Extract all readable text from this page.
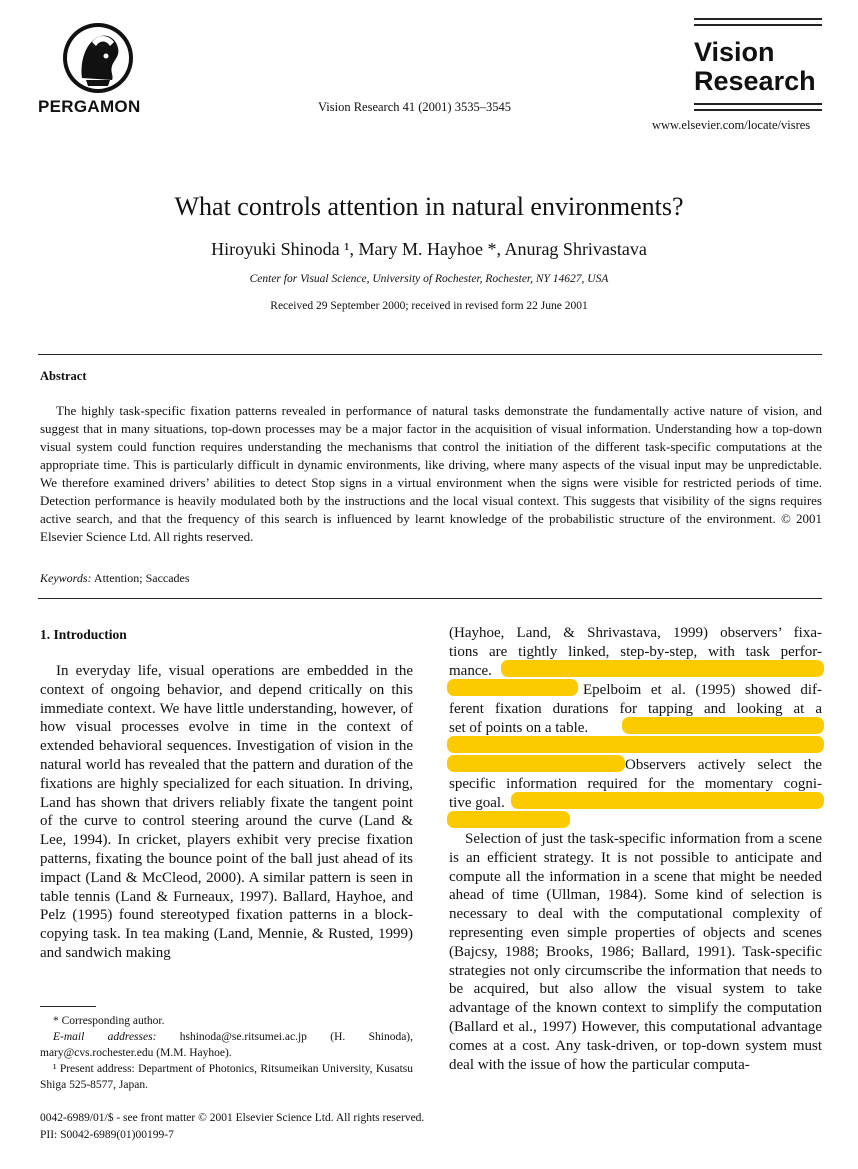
PERGAMON	Vision Research 41 (2001) 3535–3545
Vision
Research
www.elsevier.com/locate/visres
What controls attention in natural environments?
Hiroyuki Shinoda ¹, Mary M. Hayhoe *, Anurag Shrivastava
Center for Visual Science, University of Rochester, Rochester, NY 14627, USA
Received 29 September 2000; received in revised form 22 June 2001
Abstract
The highly task-specific fixation patterns revealed in performance of natural tasks demonstrate the fundamentally active nature of vision, and suggest that in many situations, top-down processes may be a major factor in the acquisition of visual information. Understanding how a top-down visual system could function requires understanding the mechanisms that control the initiation of the different task-specific computations at the appropriate time. This is particularly difficult in dynamic environments, like driving, where many aspects of the visual input may be unpredictable. We therefore examined drivers’ abilities to detect Stop signs in a virtual environment when the signs were visible for restricted periods of time. Detection performance is heavily modulated both by the instructions and the local visual context. This suggests that visibility of the signs requires active search, and that the frequency of this search is influenced by learnt knowledge of the probabilistic structure of the environment. © 2001 Elsevier Science Ltd. All rights reserved.
Keywords: Attention; Saccades
1. Introduction
In everyday life, visual operations are embedded in the context of ongoing behavior, and depend critically on this immediate context. We have little understanding, however, of how visual processes evolve in time in the context of extended behavioral sequences. Investigation of vision in the natural world has revealed that the pattern and duration of the fixations are highly specialized for each situation. In driving, Land has shown that drivers reliably fixate the tangent point of the curve to control steering around the curve (Land & Lee, 1994). In cricket, players exhibit very precise fixation patterns, fixating the bounce point of the ball just ahead of its impact (Land & McCleod, 2000). A similar pattern is seen in table tennis (Land & Furneaux, 1997). Ballard, Hayhoe, and Pelz (1995) found stereotyped fixation patterns in a block-copying task. In tea making (Land, Mennie, & Rusted, 1999) and sandwich making

* Corresponding author.

E-mail addresses: hshinoda@se.ritsumei.ac.jp (H. Shinoda), mary@cvs.rochester.edu (M.M. Hayhoe).

¹ Present address: Department of Photonics, Ritsumeikan University, Kusatsu Shiga 525-8577, Japan.

(Hayhoe, Land, & Shrivastava, 1999) observers’ fixa-
tions are tightly linked, step-by-step, with task perfor-
mance.
Epelboim et al. (1995) showed dif-
ferent fixation durations for tapping and looking at a
set of points on a table.
Observers actively select the
specific information required for the momentary cogni-
tive goal.
Selection of just the task-specific information from a scene is an efficient strategy. It is not possible to anticipate and compute all the information in a scene that might be needed ahead of time (Ullman, 1984). Some kind of selection is necessary to deal with the computational complexity of representing even simple properties of objects and scenes (Bajcsy, 1988; Brooks, 1986; Ballard, 1991). Task-specific strategies not only circumscribe the information that needs to be acquired, but also allow the visual system to take advantage of the known context to simplify the computation (Ballard et al., 1997) However, this computational advantage comes at a cost. Any task-driven, or top-down system must deal with the issue of how the particular computa-
0042-6989/01/$ - see front matter © 2001 Elsevier Science Ltd. All rights reserved.
PII: S0042-6989(01)00199-7
